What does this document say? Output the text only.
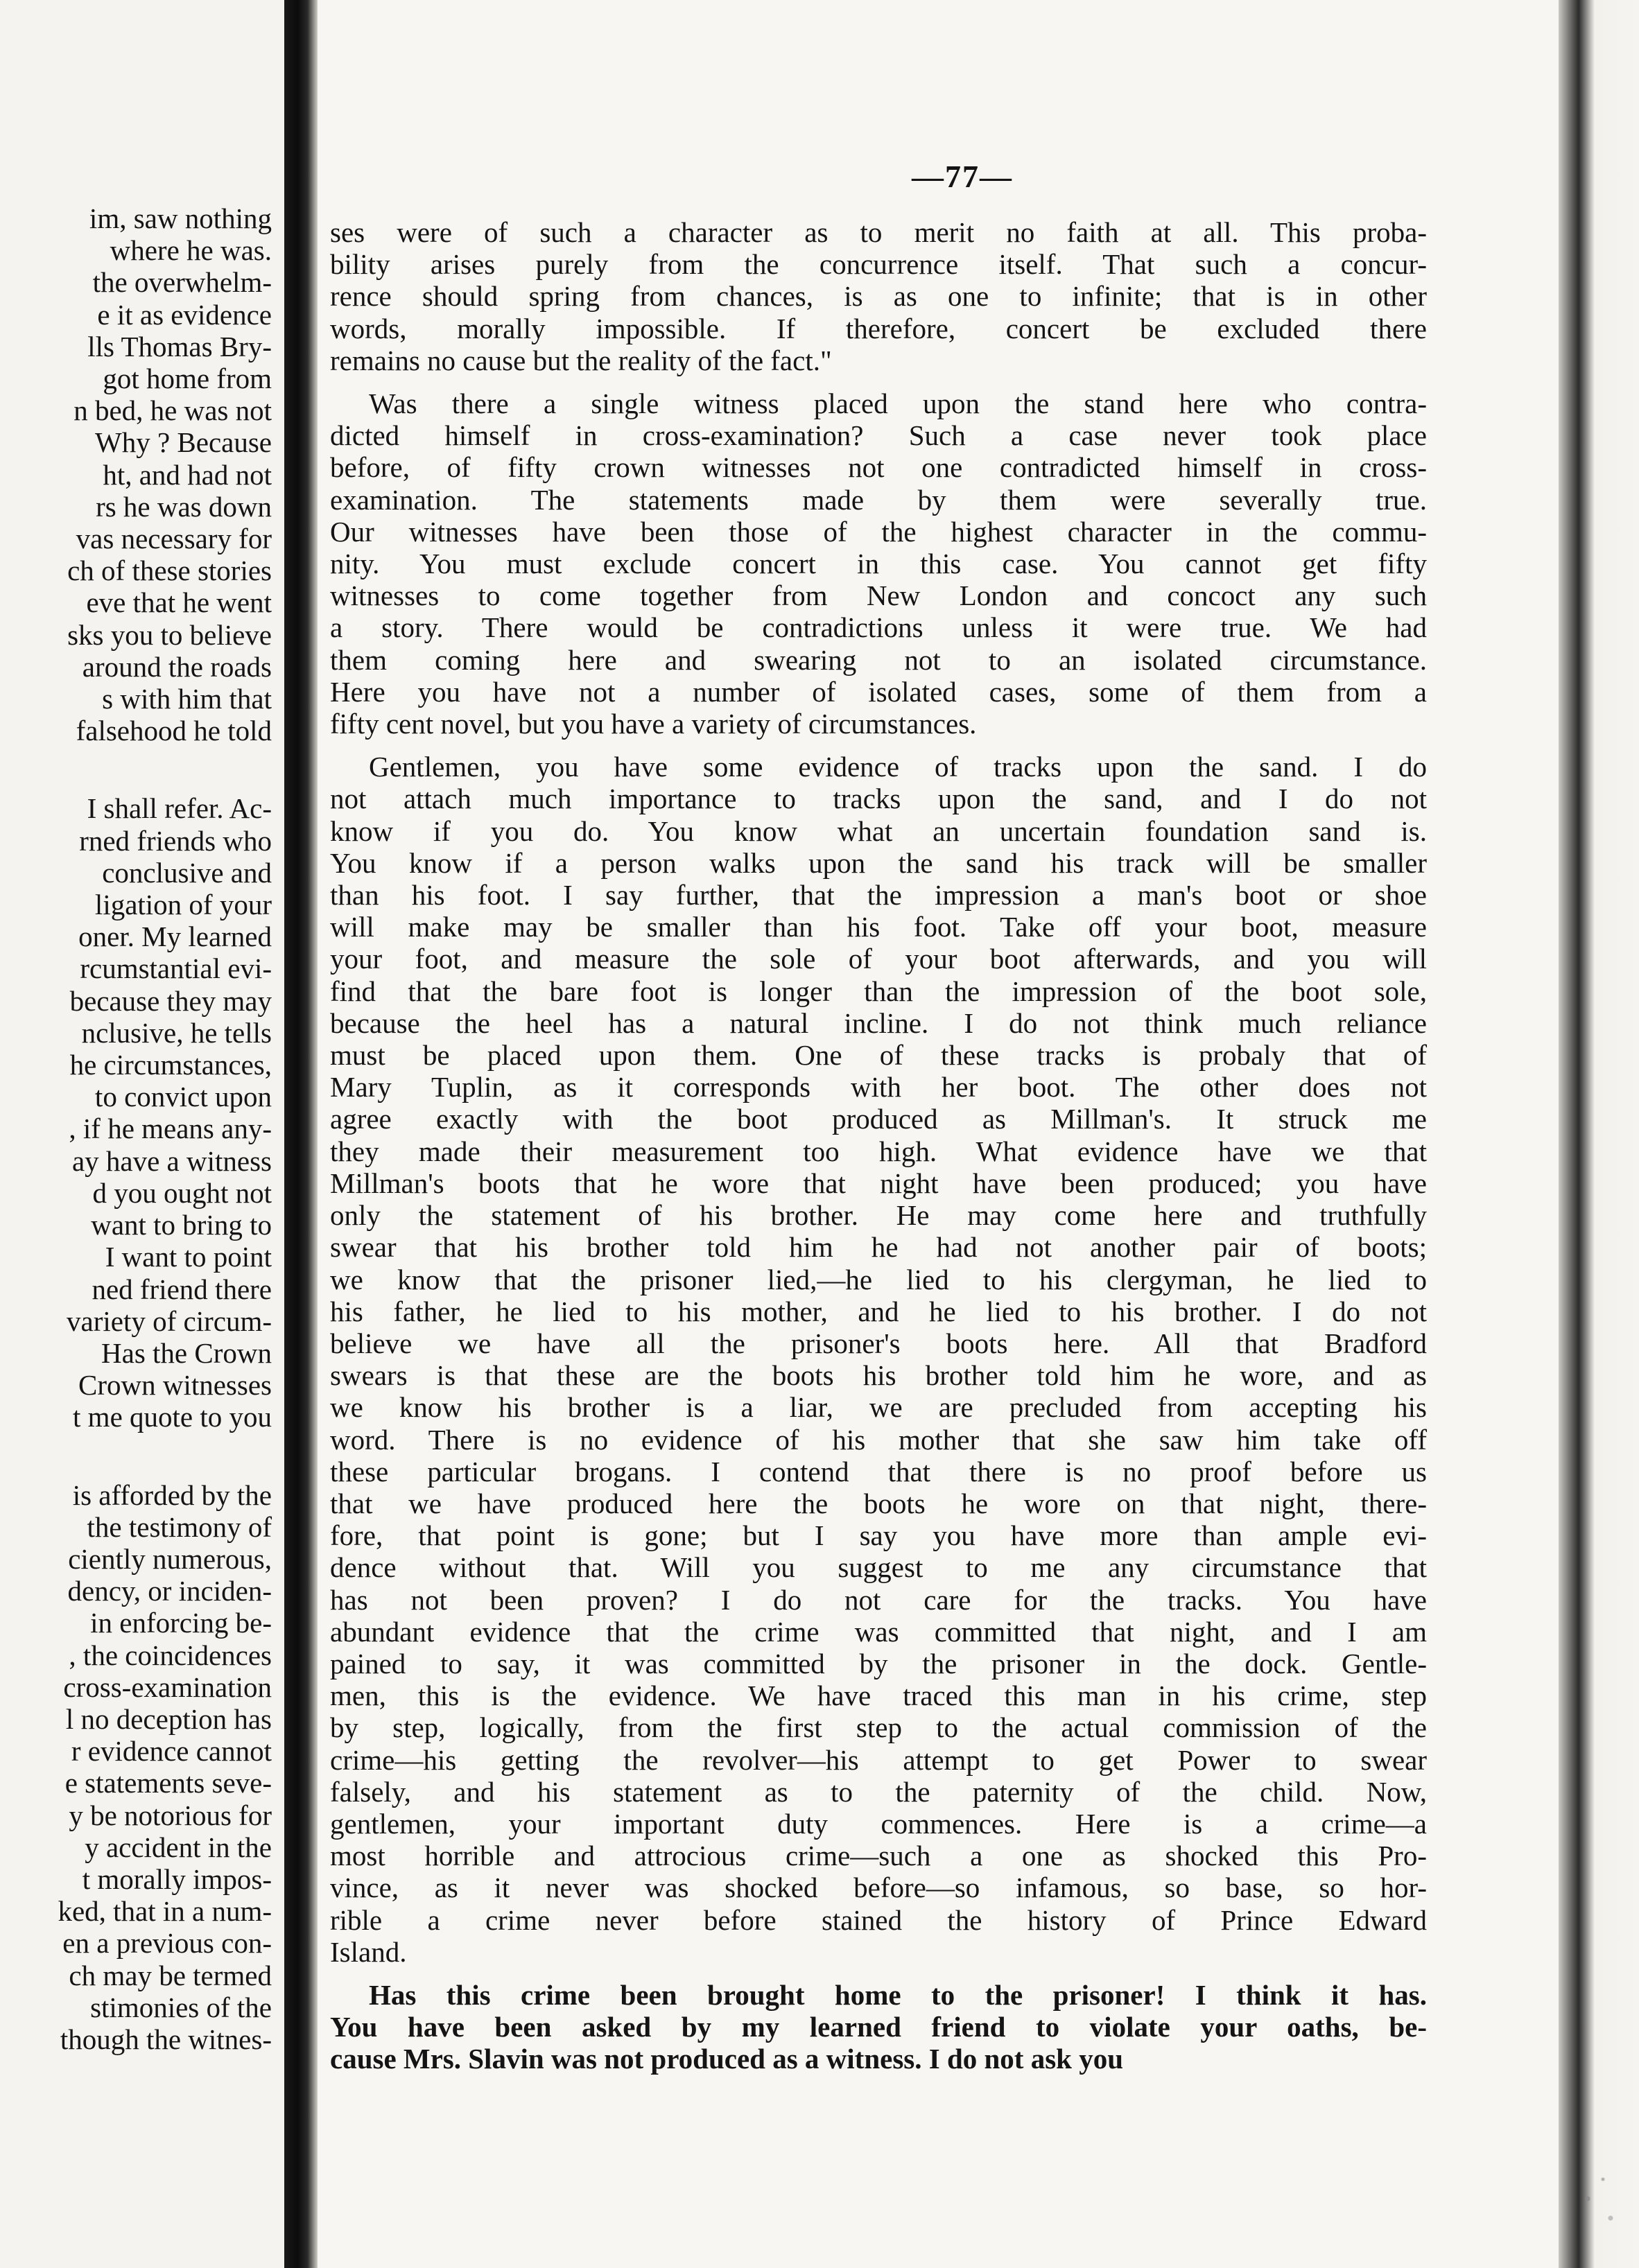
im, saw nothing
where he was.
the overwhelm-
e it as evidence
lls Thomas Bry-
got home from
n bed, he was not
Why ? Because
ht, and had not
rs he was down
vas necessary for
ch of these stories
eve that he went
sks you to believe
around the roads
s with him that
falsehood he told
I shall refer. Ac-
rned friends who
conclusive and
ligation of your
oner. My learned
rcumstantial evi-
because they may
nclusive, he tells
he circumstances,
to convict upon
, if he means any-
ay have a witness
d you ought not
want to bring to
I want to point
ned friend there
variety of circum-
Has the Crown
Crown witnesses
t me quote to you
is afforded by the
the testimony of
ciently numerous,
dency, or inciden-
in enforcing be-
, the coincidences
cross-examination
l no deception has
r evidence cannot
e statements seve-
y be notorious for
y accident in the
t morally impos-
ked, that in a num-
en a previous con-
ch may be termed
stimonies of the
though the witnes-
—77—
ses were of such a character as to merit no faith at all. This proba-
bility arises purely from the concurrence itself. That such a concur-
rence should spring from chances, is as one to infinite; that is in other
words, morally impossible. If therefore, concert be excluded there
remains no cause but the reality of the fact."
Was there a single witness placed upon the stand here who contra-
dicted himself in cross-examination? Such a case never took place
before, of fifty crown witnesses not one contradicted himself in cross-
examination. The statements made by them were severally true.
Our witnesses have been those of the highest character in the commu-
nity. You must exclude concert in this case. You cannot get fifty
witnesses to come together from New London and concoct any such
a story. There would be contradictions unless it were true. We had
them coming here and swearing not to an isolated circumstance.
Here you have not a number of isolated cases, some of them from a
fifty cent novel, but you have a variety of circumstances.
Gentlemen, you have some evidence of tracks upon the sand. I do
not attach much importance to tracks upon the sand, and I do not
know if you do. You know what an uncertain foundation sand is.
You know if a person walks upon the sand his track will be smaller
than his foot. I say further, that the impression a man's boot or shoe
will make may be smaller than his foot. Take off your boot, measure
your foot, and measure the sole of your boot afterwards, and you will
find that the bare foot is longer than the impression of the boot sole,
because the heel has a natural incline. I do not think much reliance
must be placed upon them. One of these tracks is probaly that of
Mary Tuplin, as it corresponds with her boot. The other does not
agree exactly with the boot produced as Millman's. It struck me
they made their measurement too high. What evidence have we that
Millman's boots that he wore that night have been produced; you have
only the statement of his brother. He may come here and truthfully
swear that his brother told him he had not another pair of boots;
we know that the prisoner lied,—he lied to his clergyman, he lied to
his father, he lied to his mother, and he lied to his brother. I do not
believe we have all the prisoner's boots here. All that Bradford
swears is that these are the boots his brother told him he wore, and as
we know his brother is a liar, we are precluded from accepting his
word. There is no evidence of his mother that she saw him take off
these particular brogans. I contend that there is no proof before us
that we have produced here the boots he wore on that night, there-
fore, that point is gone; but I say you have more than ample evi-
dence without that. Will you suggest to me any circumstance that
has not been proven? I do not care for the tracks. You have
abundant evidence that the crime was committed that night, and I am
pained to say, it was committed by the prisoner in the dock. Gentle-
men, this is the evidence. We have traced this man in his crime, step
by step, logically, from the first step to the actual commission of the
crime—his getting the revolver—his attempt to get Power to swear
falsely, and his statement as to the paternity of the child. Now,
gentlemen, your important duty commences. Here is a crime—a
most horrible and attrocious crime—such a one as shocked this Pro-
vince, as it never was shocked before—so infamous, so base, so hor-
rible a crime never before stained the history of Prince Edward
Island.
Has this crime been brought home to the prisoner! I think it has.
You have been asked by my learned friend to violate your oaths, be-
cause Mrs. Slavin was not produced as a witness. I do not ask you
